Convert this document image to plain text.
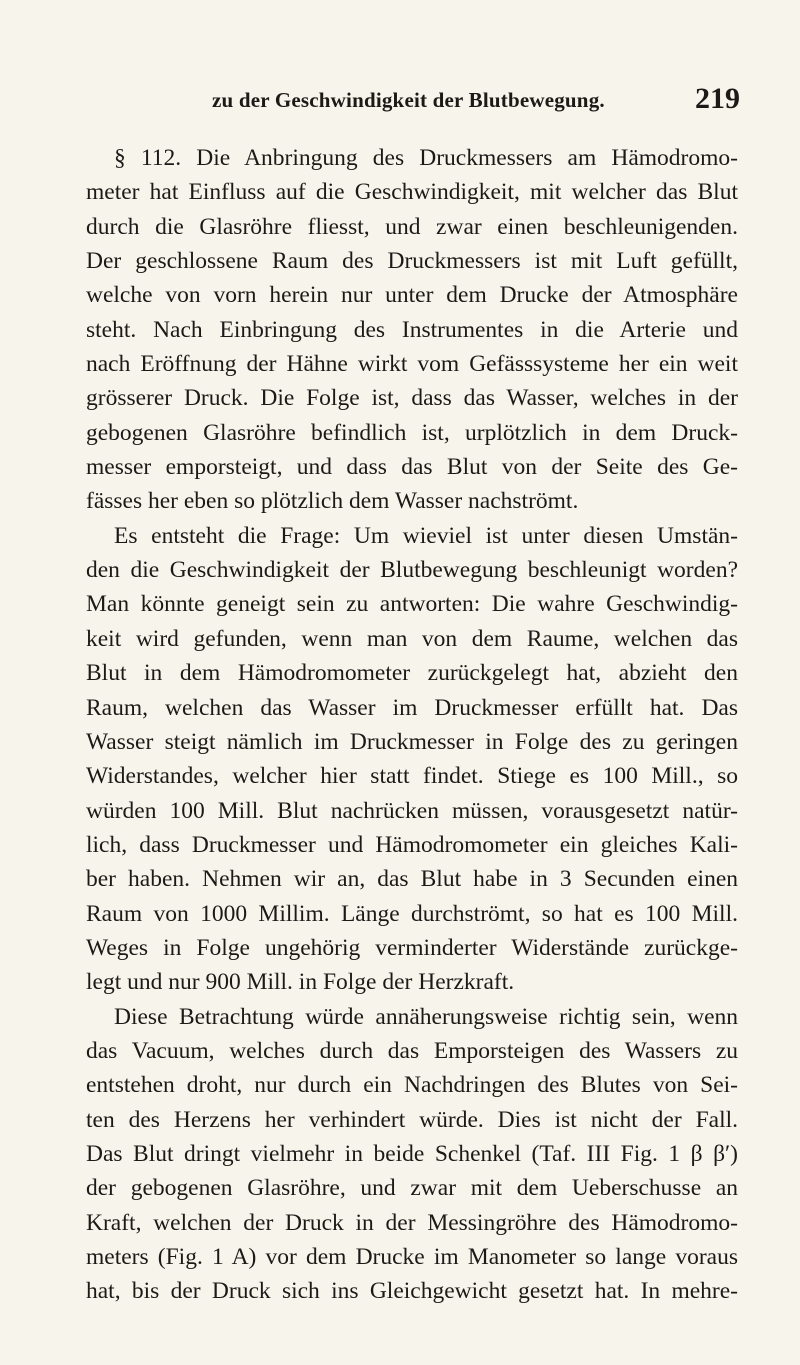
zu der Geschwindigkeit der Blutbewegung.	219
§ 112. Die Anbringung des Druckmessers am Hämodromo-
meter hat Einfluss auf die Geschwindigkeit, mit welcher das Blut
durch die Glasröhre fliesst, und zwar einen beschleunigenden.
Der geschlossene Raum des Druckmessers ist mit Luft gefüllt,
welche von vorn herein nur unter dem Drucke der Atmosphäre
steht. Nach Einbringung des Instrumentes in die Arterie und
nach Eröffnung der Hähne wirkt vom Gefässsysteme her ein weit
grösserer Druck. Die Folge ist, dass das Wasser, welches in der
gebogenen Glasröhre befindlich ist, urplötzlich in dem Druck-
messer emporsteigt, und dass das Blut von der Seite des Ge-
fässes her eben so plötzlich dem Wasser nachströmt.
Es entsteht die Frage: Um wieviel ist unter diesen Umstän-
den die Geschwindigkeit der Blutbewegung beschleunigt worden?
Man könnte geneigt sein zu antworten: Die wahre Geschwindig-
keit wird gefunden, wenn man von dem Raume, welchen das
Blut in dem Hämodromometer zurückgelegt hat, abzieht den
Raum, welchen das Wasser im Druckmesser erfüllt hat. Das
Wasser steigt nämlich im Druckmesser in Folge des zu geringen
Widerstandes, welcher hier statt findet. Stiege es 100 Mill., so
würden 100 Mill. Blut nachrücken müssen, vorausgesetzt natür-
lich, dass Druckmesser und Hämodromometer ein gleiches Kali-
ber haben. Nehmen wir an, das Blut habe in 3 Secunden einen
Raum von 1000 Millim. Länge durchströmt, so hat es 100 Mill.
Weges in Folge ungehörig verminderter Widerstände zurückge-
legt und nur 900 Mill. in Folge der Herzkraft.
Diese Betrachtung würde annäherungsweise richtig sein, wenn
das Vacuum, welches durch das Emporsteigen des Wassers zu
entstehen droht, nur durch ein Nachdringen des Blutes von Sei-
ten des Herzens her verhindert würde. Dies ist nicht der Fall.
Das Blut dringt vielmehr in beide Schenkel (Taf. III Fig. 1 β β′)
der gebogenen Glasröhre, und zwar mit dem Ueberschusse an
Kraft, welchen der Druck in der Messingröhre des Hämodromo-
meters (Fig. 1 A) vor dem Drucke im Manometer so lange voraus
hat, bis der Druck sich ins Gleichgewicht gesetzt hat. In mehre-
